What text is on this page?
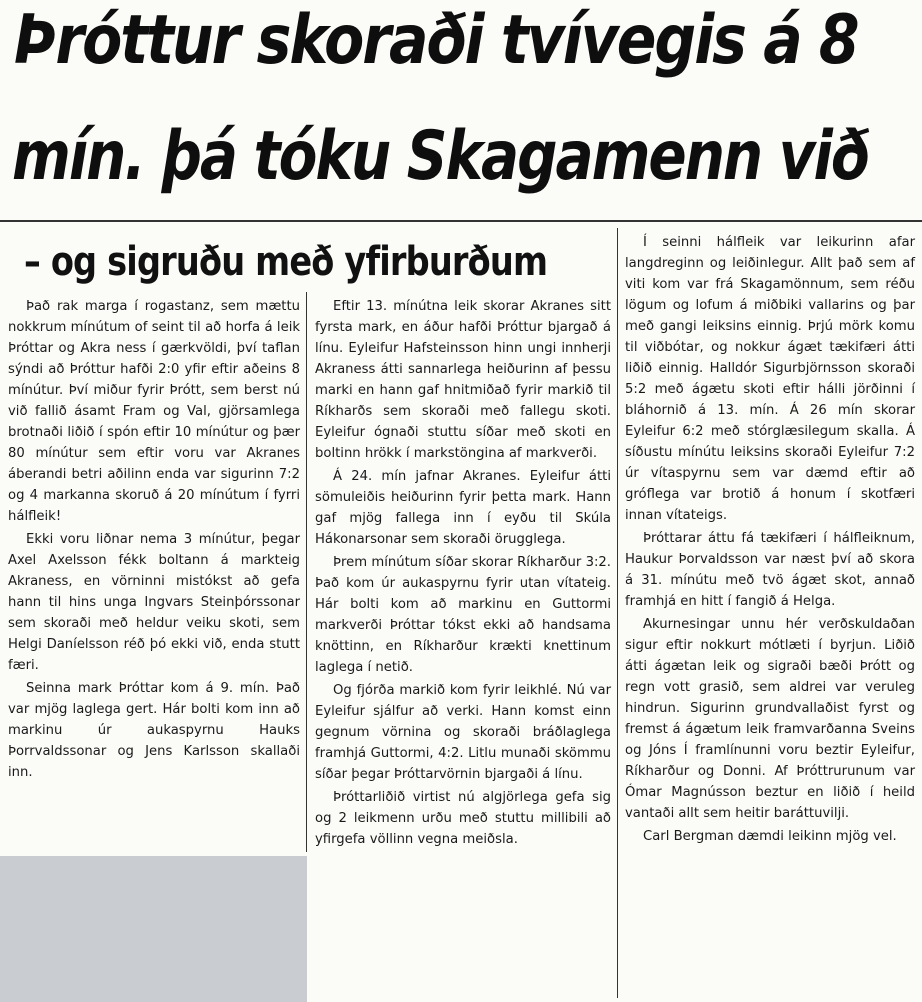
Þróttur skoraði tvívegis á 8
mín. þá tóku Skagamenn við
– og sigruðu með yfirburðum

Það rak marga í rogastanz, sem mættu nokkrum mínútum of seint til að horfa á leik Þróttar og Akra ness í gærkvöldi, því taflan sýndi að Þróttur hafði 2:0 yfir eftir aðeins 8 mínútur. Því miður fyrir Þrótt, sem berst nú við fallið ásamt Fram og Val, gjörsamlega brotnaði liðið í spón eftir 10 mínútur og þær 80 mínútur sem eftir voru var Akranes áberandi betri aðilinn enda var sigurinn 7:2 og 4 markanna skoruð á 20 mínútum í fyrri hálfleik!

Ekki voru liðnar nema 3 mínútur, þegar Axel Axelsson fékk boltann á markteig Akraness, en vörninni mistókst að gefa hann til hins unga Ingvars Steinþórssonar sem skoraði með heldur veiku skoti, sem Helgi Daníelsson réð þó ekki við, enda stutt færi.

Seinna mark Þróttar kom á 9. mín. Það var mjög laglega gert. Hár bolti kom inn að markinu úr aukaspyrnu Hauks Þorrvaldssonar og Jens Karlsson skallaði inn.

Eftir 13. mínútna leik skorar Akranes sitt fyrsta mark, en áður hafði Þróttur bjargað á línu. Eyleifur Hafsteinsson hinn ungi innherji Akraness átti sannarlega heiðurinn af þessu marki en hann gaf hnitmiðað fyrir markið til Ríkharðs sem skoraði með fallegu skoti. Eyleifur ógnaði stuttu síðar með skoti en boltinn hrökk í markstöngina af markverði.

Á 24. mín jafnar Akranes. Eyleifur átti sömuleiðis heiðurinn fyrir þetta mark. Hann gaf mjög fallega inn í eyðu til Skúla Hákonarsonar sem skoraði örugglega.

Þrem mínútum síðar skorar Ríkharður 3:2. Það kom úr aukaspyrnu fyrir utan vítateig. Hár bolti kom að markinu en Guttormi markverði Þróttar tókst ekki að handsama knöttinn, en Ríkharður krækti knettinum laglega í netið.

Og fjórða markið kom fyrir leikhlé. Nú var Eyleifur sjálfur að verki. Hann komst einn gegnum vörnina og skoraði bráðlaglega framhjá Guttormi, 4:2. Litlu munaði skömmu síðar þegar Þróttarvörnin bjargaði á línu.

Þróttarliðið virtist nú algjörlega gefa sig og 2 leikmenn urðu með stuttu millibili að yfirgefa völlinn vegna meiðsla.

Í seinni hálfleik var leikurinn afar langdreginn og leiðinlegur. Allt það sem af viti kom var frá Skagamönnum, sem réðu lögum og lofum á miðbiki vallarins og þar með gangi leiksins einnig. Þrjú mörk komu til viðbótar, og nokkur ágæt tækifæri átti liðið einnig. Halldór Sigurbjörnsson skoraði 5:2 með ágætu skoti eftir hálli jörðinni í bláhornið á 13. mín. Á 26 mín skorar Eyleifur 6:2 með stórglæsilegum skalla. Á síðustu mínútu leiksins skoraði Eyleifur 7:2 úr vítaspyrnu sem var dæmd eftir að gróflega var brotið á honum í skotfæri innan vítateigs.

Þróttarar áttu fá tækifæri í hálfleiknum, Haukur Þorvaldsson var næst því að skora á 31. mínútu með tvö ágæt skot, annað framhjá en hitt í fangið á Helga.

Akurnesingar unnu hér verðskuldaðan sigur eftir nokkurt mótlæti í byrjun. Liðið átti ágætan leik og sigraði bæði Þrótt og regn vott grasið, sem aldrei var veruleg hindrun. Sigurinn grundvallaðist fyrst og fremst á ágætum leik framvarðanna Sveins og Jóns Í framlínunni voru beztir Eyleifur, Ríkharður og Donni. Af Þróttrurunum var Ómar Magnússon beztur en liðið í heild vantaði allt sem heitir baráttuvilji.

Carl Bergman dæmdi leikinn mjög vel.
